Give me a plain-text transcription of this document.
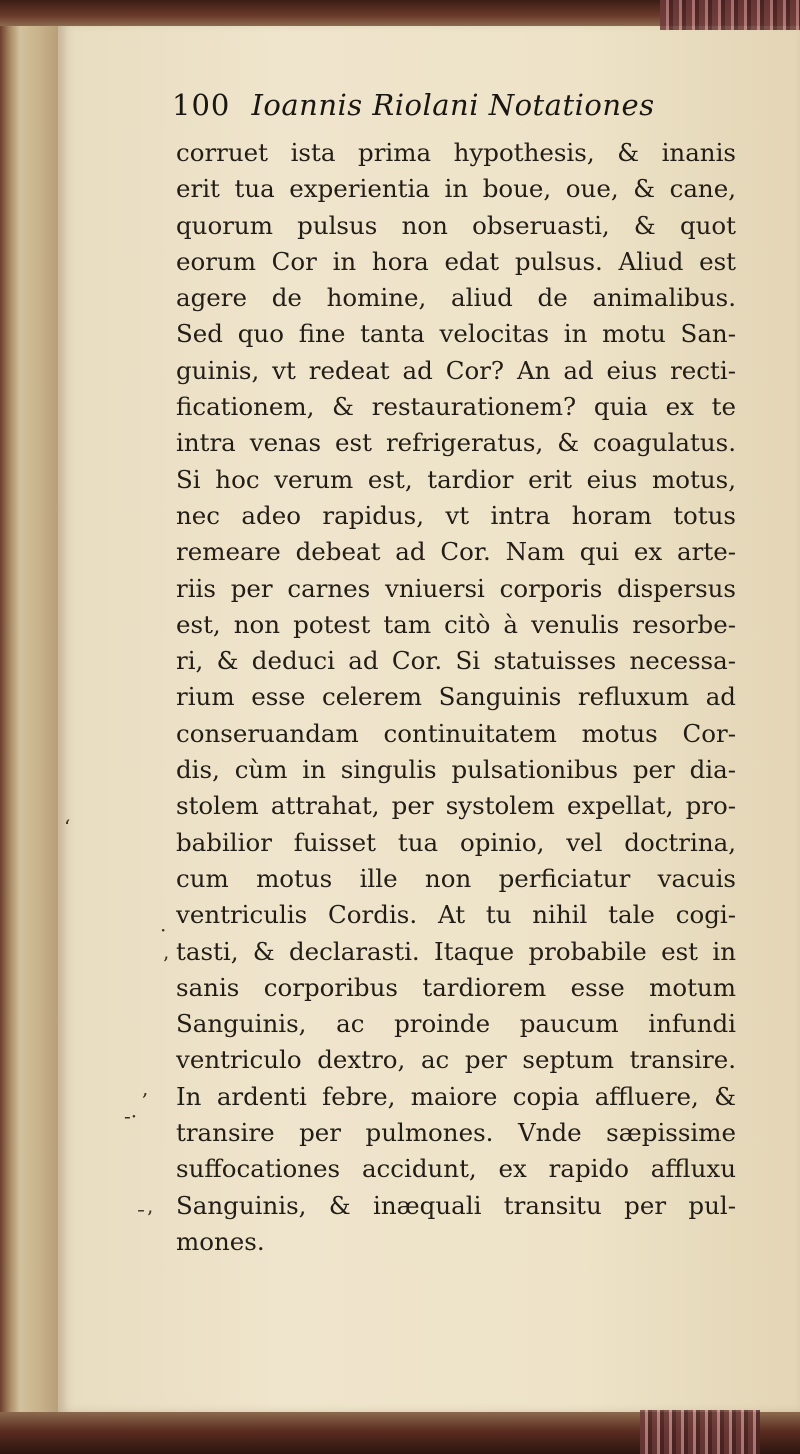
100 Ioannis Riolani Notationes
corruet ista prima hypothesis, & inanis
erit tua experientia in boue, oue, & cane,
quorum pulsus non obseruasti, & quot
eorum Cor in hora edat pulsus. Aliud est
agere de homine, aliud de animalibus.
Sed quo fine tanta velocitas in motu San-
guinis, vt redeat ad Cor? An ad eius recti-
ficationem, & restaurationem? quia ex te
intra venas est refrigeratus, & coagulatus.
Si hoc verum est, tardior erit eius motus,
nec adeo rapidus, vt intra horam totus
remeare debeat ad Cor. Nam qui ex arte-
riis per carnes vniuersi corporis dispersus
est, non potest tam citò à venulis resorbe-
ri, & deduci ad Cor. Si statuisses necessa-
rium esse celerem Sanguinis refluxum ad
conseruandam continuitatem motus Cor-
dis, cùm in singulis pulsationibus per dia-
stolem attrahat, per systolem expellat, pro-
babilior fuisset tua opinio, vel doctrina,
cum motus ille non perficiatur vacuis
ventriculis Cordis. At tu nihil tale cogi-
tasti, & declarasti. Itaque probabile est in
sanis corporibus tardiorem esse motum
Sanguinis, ac proinde paucum infundi
ventriculo dextro, ac per septum transire.
In ardenti febre, maiore copia affluere, &
transire per pulmones. Vnde sæpissime
suffocationes accidunt, ex rapido affluxu
Sanguinis, & inæquali transitu per pul-
mones.
‘
·
ʼ
,
-·
¯ʼ
